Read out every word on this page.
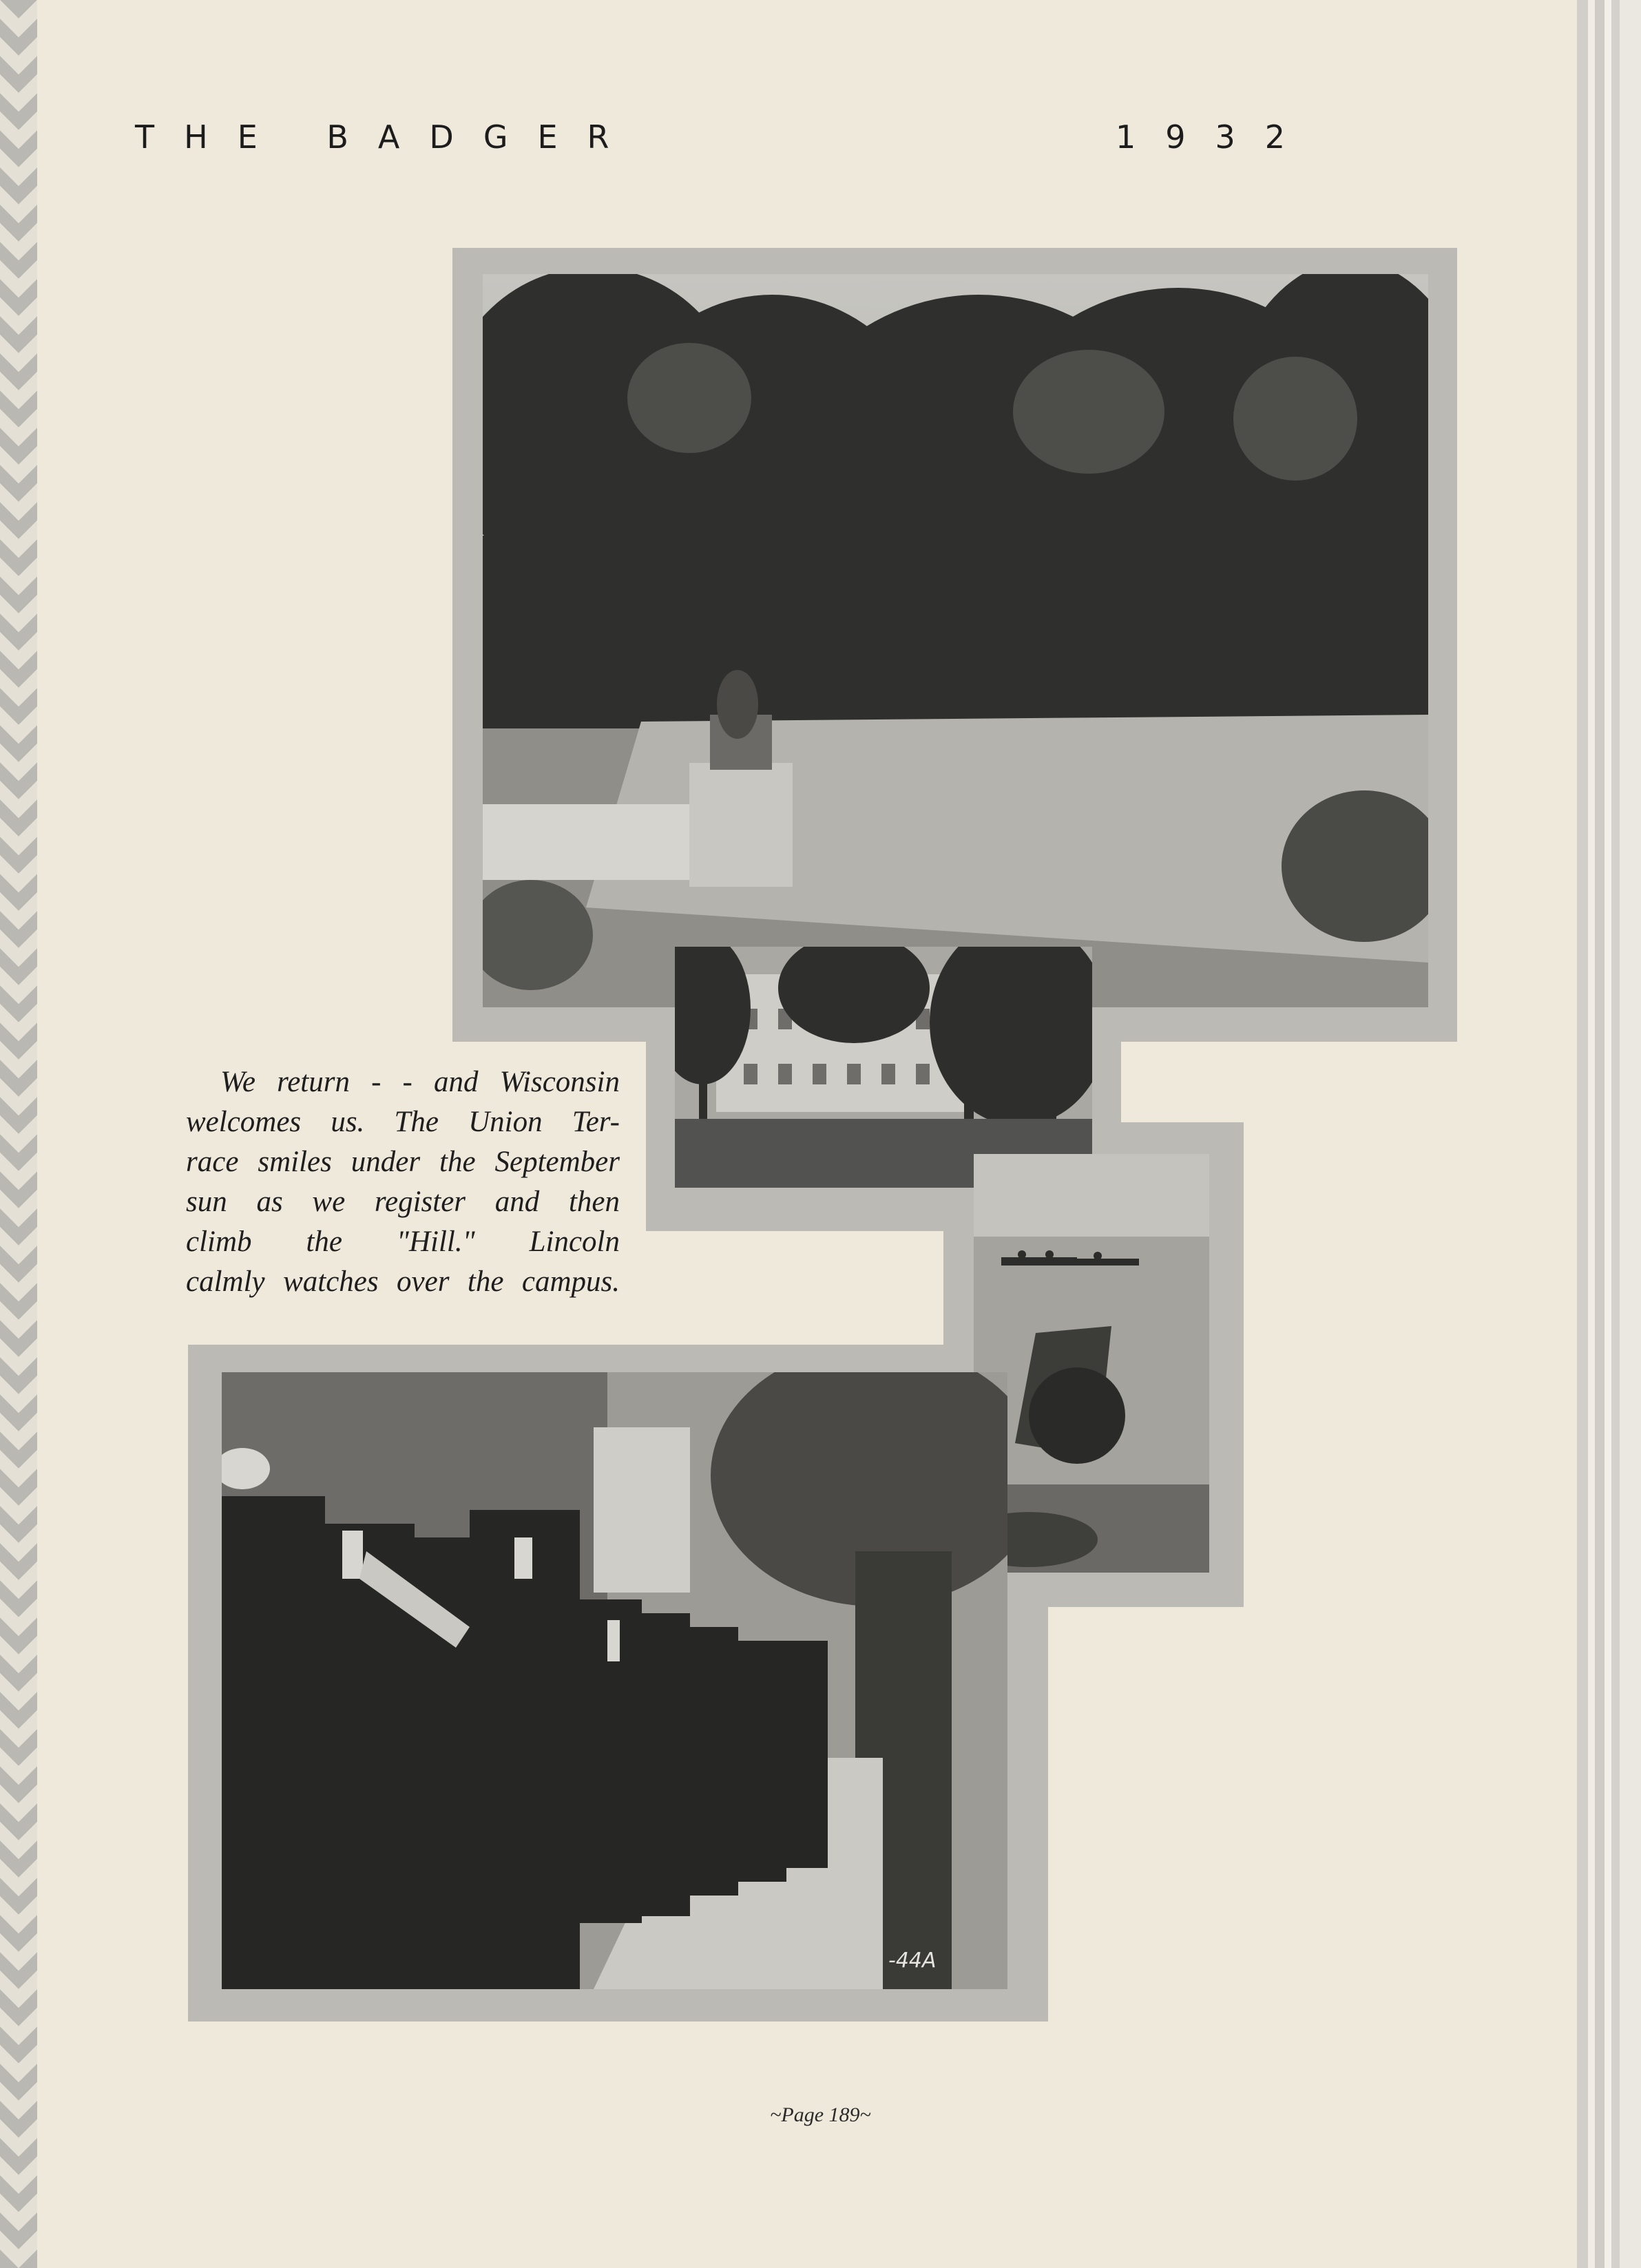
THE BADGER	1932
-44A
We return - - and Wisconsin
welcomes us. The Union Ter-
race smiles under the September
sun as we register and then
climb the "Hill." Lincoln
calmly watches over the campus.
~Page 189~
